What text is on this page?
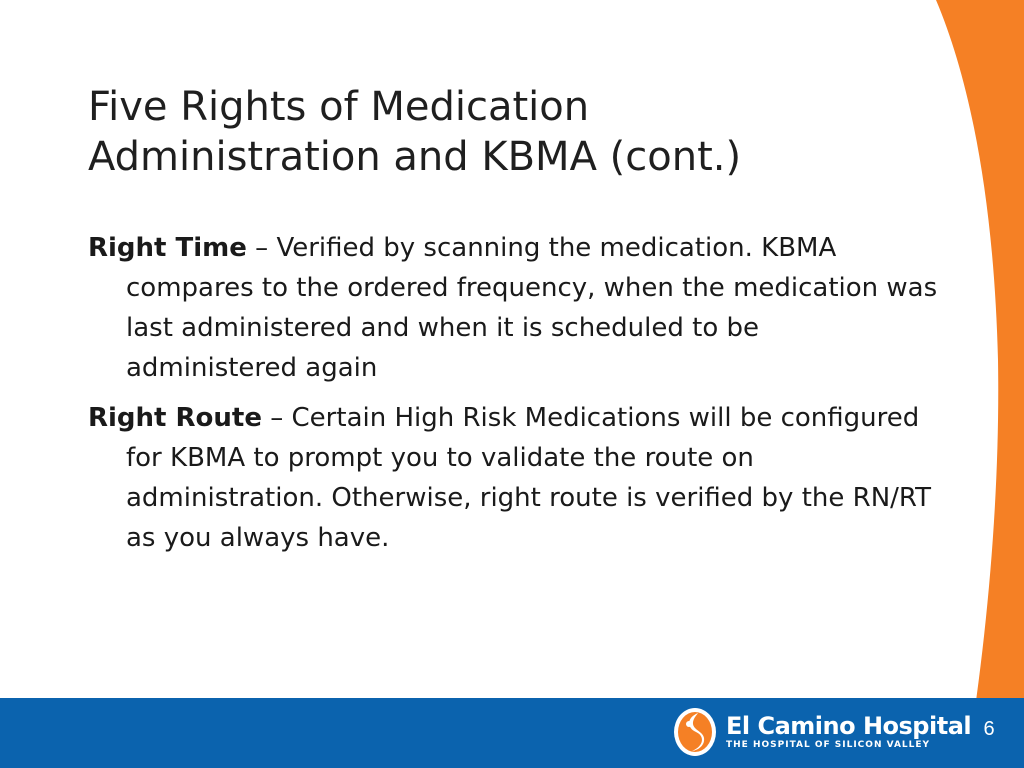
Five Rights of Medication
Administration and KBMA (cont.)

Right Time – Verified by scanning the medication. KBMA compares to the ordered frequency, when the medication was last administered and when it is scheduled to be administered again

Right Route – Certain High Risk Medications will be configured for KBMA to prompt you to validate the route on administration. Otherwise, right route is verified by the RN/RT as you always have.

El Camino Hospital
THE HOSPITAL OF SILICON VALLEY
6
